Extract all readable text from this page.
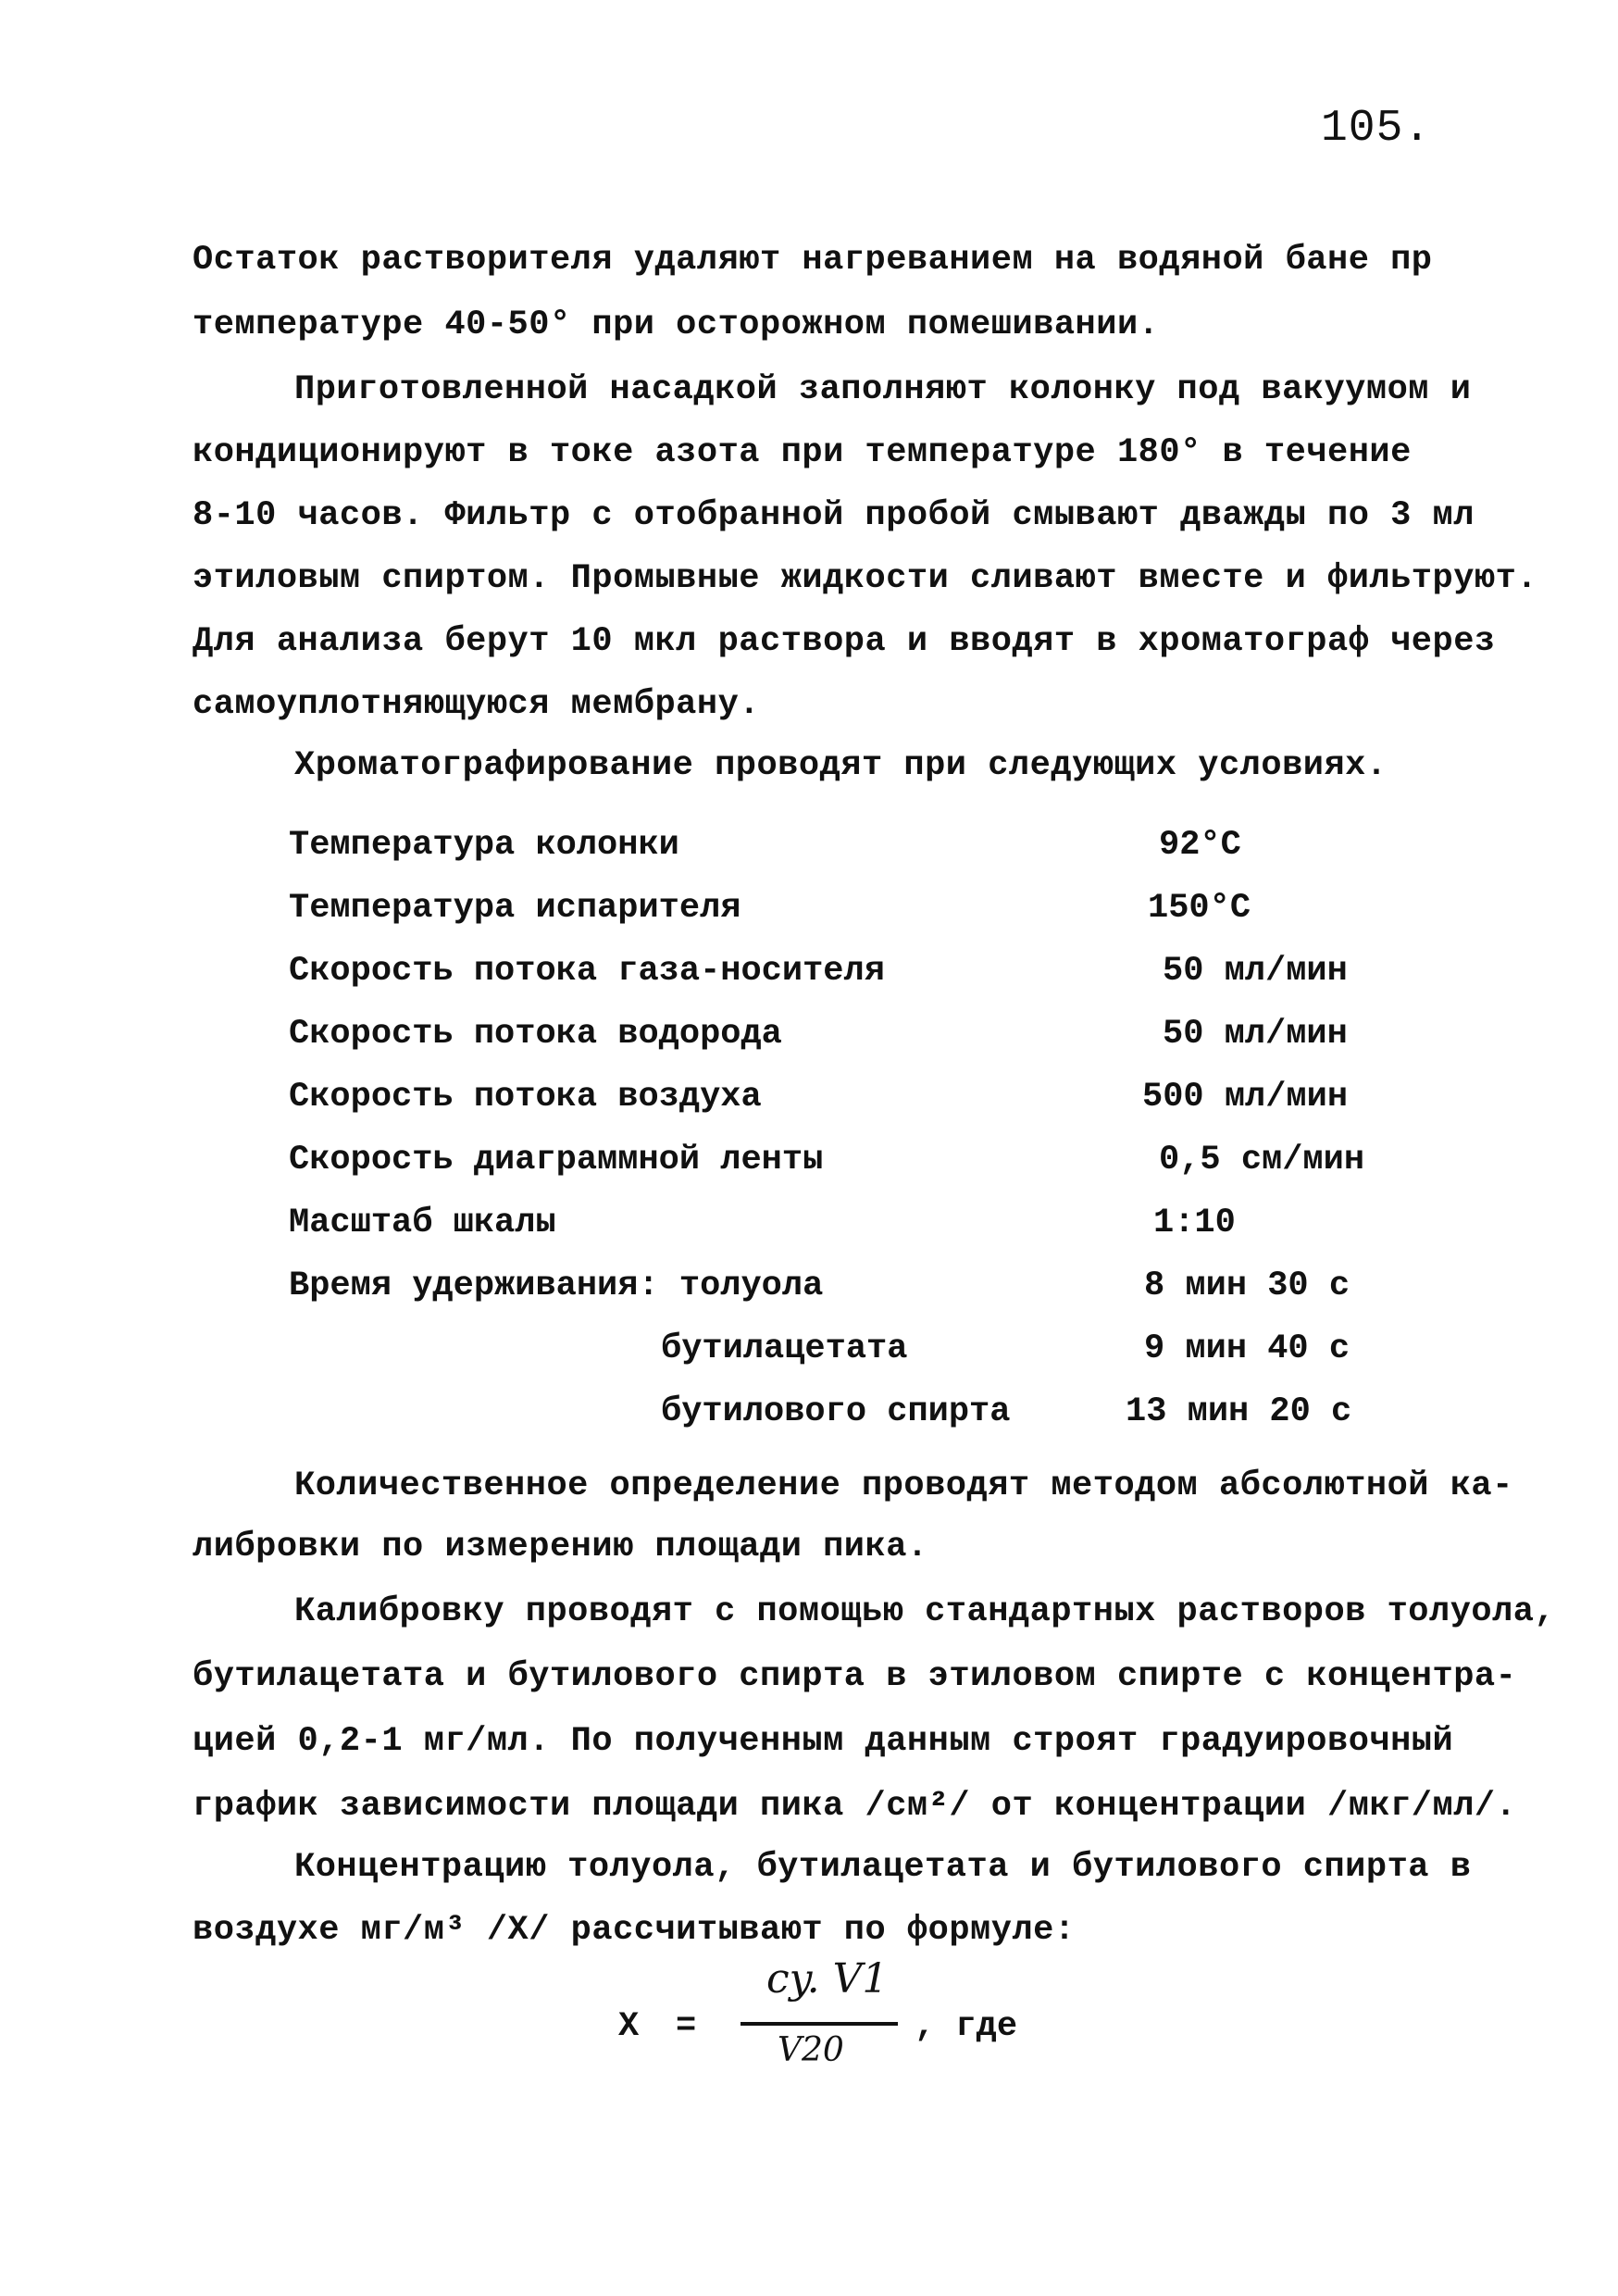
105.
Остаток растворителя удаляют нагреванием на водяной бане пр
температуре 40-50° при осторожном помешивании.
Приготовленной насадкой заполняют колонку под вакуумом и
кондиционируют в токе азота при температуре 180° в течение
8-10 часов. Фильтр с отобранной пробой смывают дважды по 3 мл
этиловым спиртом. Промывные жидкости сливают вместе и фильтруют.
Для анализа берут 10 мкл раствора и вводят в хроматограф через
самоуплотняющуюся мембрану.
Хроматографирование проводят при следующих условиях.
Температура колонки	92°C
Температура испарителя	150°C
Скорость потока газа-носителя	50 мл/мин
Скорость потока водорода	50 мл/мин
Скорость потока воздуха	500 мл/мин
Скорость диаграммной ленты	0,5 см/мин
Масштаб шкалы	1:10
Время удерживания: толуола	8 мин 30 с
бутилацетата	9 мин 40 с
бутилового спирта	13 мин 20 с
Количественное определение проводят методом абсолютной ка-
либровки по измерению площади пика.
Калибровку проводят с помощью стандартных растворов толуола,
бутилацетата и бутилового спирта в этиловом спирте с концентра-
цией 0,2-1 мг/мл. По полученным данным строят градуировочный
график зависимости площади пика /см²/ от концентрации /мкг/мл/.
Концентрацию толуола, бутилацетата и бутилового спирта в
воздухе мг/м³ /X/ рассчитывают по формуле:
X =
сy. V1
V20
, где
